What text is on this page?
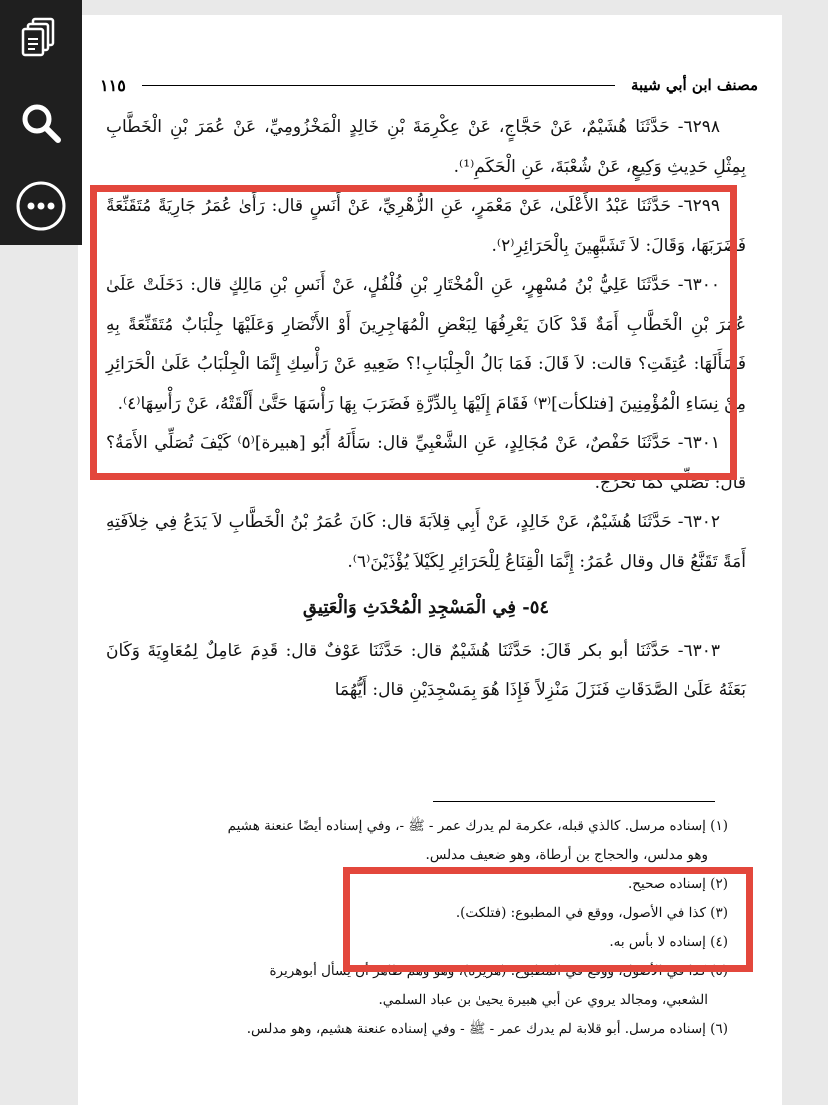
مصنف ابن أبي شيبة
١١٥

٦٢٩٨- حَدَّثَنَا هُشَيْمٌ، عَنْ حَجَّاجٍ، عَنْ عِكْرِمَةَ بْنِ خَالِدٍ الْمَخْزُومِيِّ، عَنْ عُمَرَ بْنِ الْخَطَّابِ بِمِثْلِ حَدِيثِ وَكِيعٍ، عَنْ شُعْبَةَ، عَنِ الْحَكَمِ⁽¹⁾.

٦٢٩٩- حَدَّثَنَا عَبْدُ الأَعْلَىٰ، عَنْ مَعْمَرٍ، عَنِ الزُّهْرِيِّ، عَنْ أَنَسٍ قال: رَأَىٰ عُمَرُ جَارِيَةً مُتَقَنِّعَةً فَضَرَبَهَا، وَقَالَ: لاَ تَشَبَّهِينَ بِالْحَرَائِرِ⁽٢⁾.

٦٣٠٠- حَدَّثَنَا عَلِيُّ بْنُ مُسْهِرٍ، عَنِ الْمُخْتَارِ بْنِ فُلْفُلٍ، عَنْ أَنَسِ بْنِ مَالِكٍ قال: دَخَلَتْ عَلَىٰ عُمَرَ بْنِ الْخَطَّابِ أَمَةٌ قَدْ كَانَ يَعْرِفُهَا لِبَعْضِ الْمُهَاجِرِينَ أَوْ الأَنْصَارِ وَعَلَيْهَا جِلْبَابٌ مُتَقَنِّعَةً بِهِ فَسَأَلَهَا: عُتِقَتِ؟ قالت: لاَ قَالَ: فَمَا بَالُ الْجِلْبَابِ!؟ ضَعِيهِ عَنْ رَأْسِكِ إِنَّمَا الْجِلْبَابُ عَلَىٰ الْحَرَائِرِ مِنْ نِسَاءِ الْمُؤْمِنِينَ [فتلكأت]⁽٣⁾ فَقَامَ إِلَيْهَا بِالدِّرَّةِ فَضَرَبَ بِهَا رَأْسَهَا حَتَّىٰ أَلْقَتْهُ، عَنْ رَأْسِهَا⁽٤⁾.

٦٣٠١- حَدَّثَنَا حَفْصٌ، عَنْ مُجَالِدٍ، عَنِ الشَّعْبِيِّ قال: سَأَلَهُ أَبُو [هبيرة]⁽٥⁾ كَيْفَ تُصَلِّي الأَمَةُ؟ قال: تُصَلِّي كَمَا تَخْرُجُ.

٦٣٠٢- حَدَّثَنَا هُشَيْمٌ، عَنْ خَالِدٍ، عَنْ أَبِي قِلاَبَةَ قال: كَانَ عُمَرُ بْنُ الْخَطَّابِ لاَ يَدَعُ فِي خِلاَفَتِهِ أَمَةً تَقَنَّعُ قال وقال عُمَرُ: إِنَّمَا الْقِنَاعُ لِلْحَرَائِرِ لِكَيْلاَ يُؤْذَيْنَ⁽٦⁾.

٥٤- فِي الْمَسْجِدِ الْمُحْدَثِ وَالْعَتِيقِ

٦٣٠٣- حَدَّثَنَا أبو بكر قَالَ: حَدَّثَنَا هُشَيْمٌ قال: حَدَّثَنَا عَوْفٌ قال: قَدِمَ عَامِلٌ لِمُعَاوِيَةَ وَكَانَ بَعَثَهُ عَلَىٰ الصَّدَقَاتِ فَنَزَلَ مَنْزِلاً فَإِذَا هُوَ بِمَسْجِدَيْنِ قال: أَيُّهُمَا

(١) إسناده مرسل. كالذي قبله، عكرمة لم يدرك عمر - ﷺ -، وفي إسناده أيضًا عنعنة هشيم
وهو مدلس، والحجاج بن أرطاة، وهو ضعيف مدلس.
(٢) إسناده صحيح.
(٣) كذا في الأصول، ووقع في المطبوع: (فتلكت).
(٤) إسناده لا بأس به.
(٥) كذا في الأصول، ووقع في المطبوع: (هريرة)، وهو وهم ظاهر أن يسأل أبوهريرة
الشعبي، ومجالد يروي عن أبي هبيرة يحيىٰ بن عباد السلمي.
(٦) إسناده مرسل. أبو قلابة لم يدرك عمر - ﷺ - وفي إسناده عنعنة هشيم، وهو مدلس.
